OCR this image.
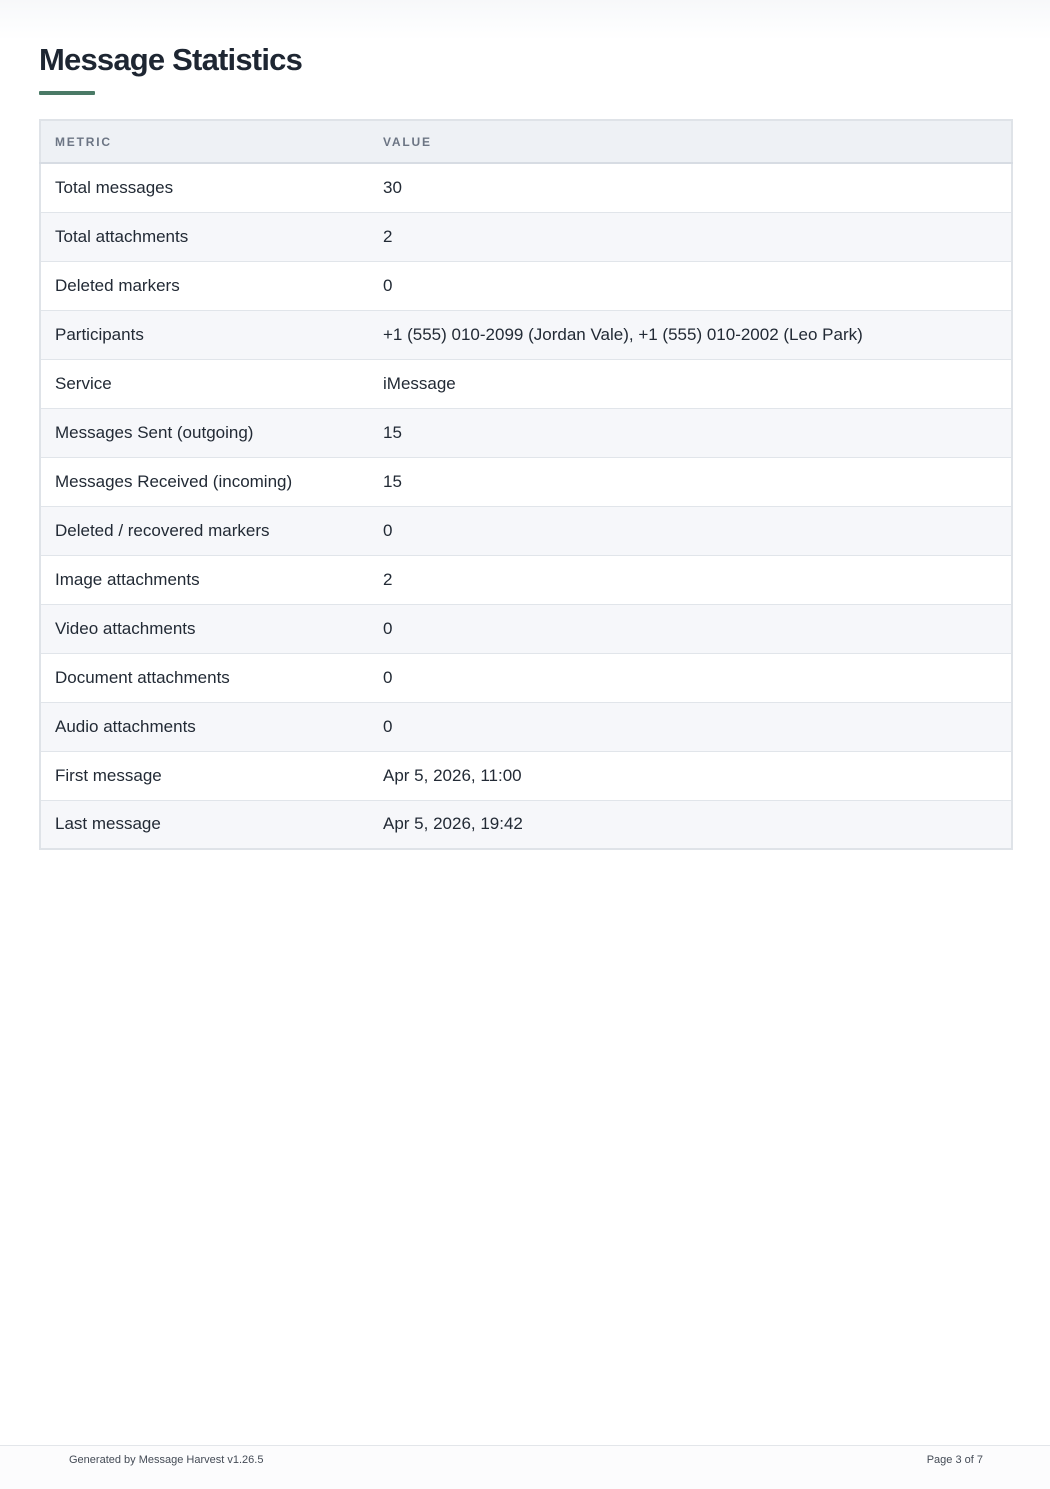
Message Statistics
METRIC	VALUE
Total messages	30
Total attachments	2
Deleted markers	0
Participants	+1 (555) 010-2099 (Jordan Vale), +1 (555) 010-2002 (Leo Park)
Service	iMessage
Messages Sent (outgoing)	15
Messages Received (incoming)	15
Deleted / recovered markers	0
Image attachments	2
Video attachments	0
Document attachments	0
Audio attachments	0
First message	Apr 5, 2026, 11:00
Last message	Apr 5, 2026, 19:42
Generated by Message Harvest v1.26.5	Page 3 of 7
